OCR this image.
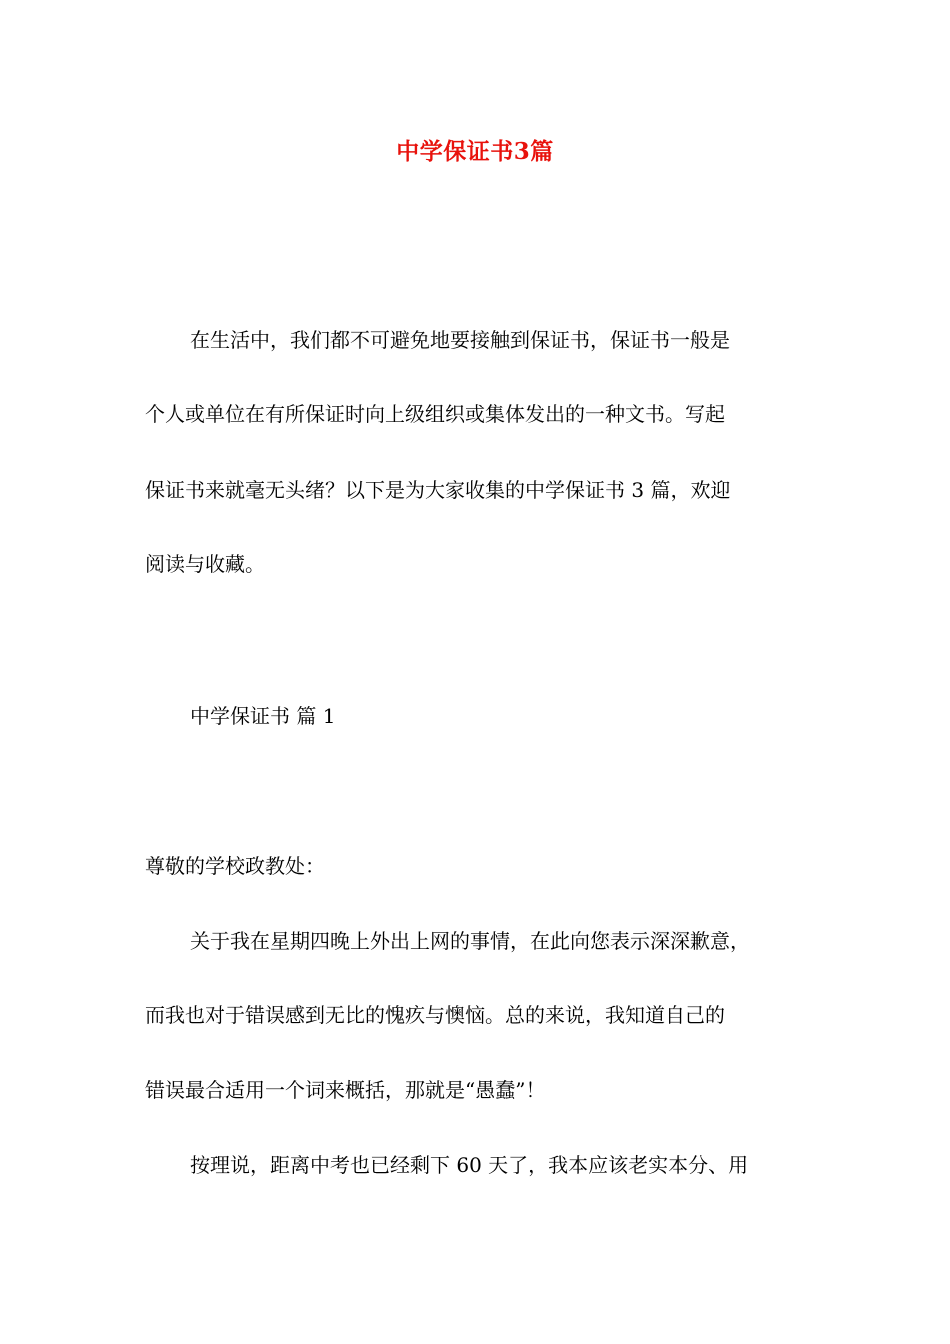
中学保证书3篇

在生活中，我们都不可避免地要接触到保证书，保证书一般是

个人或单位在有所保证时向上级组织或集体发出的一种文书。写起

保证书来就毫无头绪？以下是为大家收集的中学保证书 3 篇，欢迎

阅读与收藏。

中学保证书 篇 1

尊敬的学校政教处：

关于我在星期四晚上外出上网的事情，在此向您表示深深歉意，

而我也对于错误感到无比的愧疚与懊恼。总的来说，我知道自己的

错误最合适用一个词来概括，那就是“愚蠢”！

按理说，距离中考也已经剩下 60 天了，我本应该老实本分、用
